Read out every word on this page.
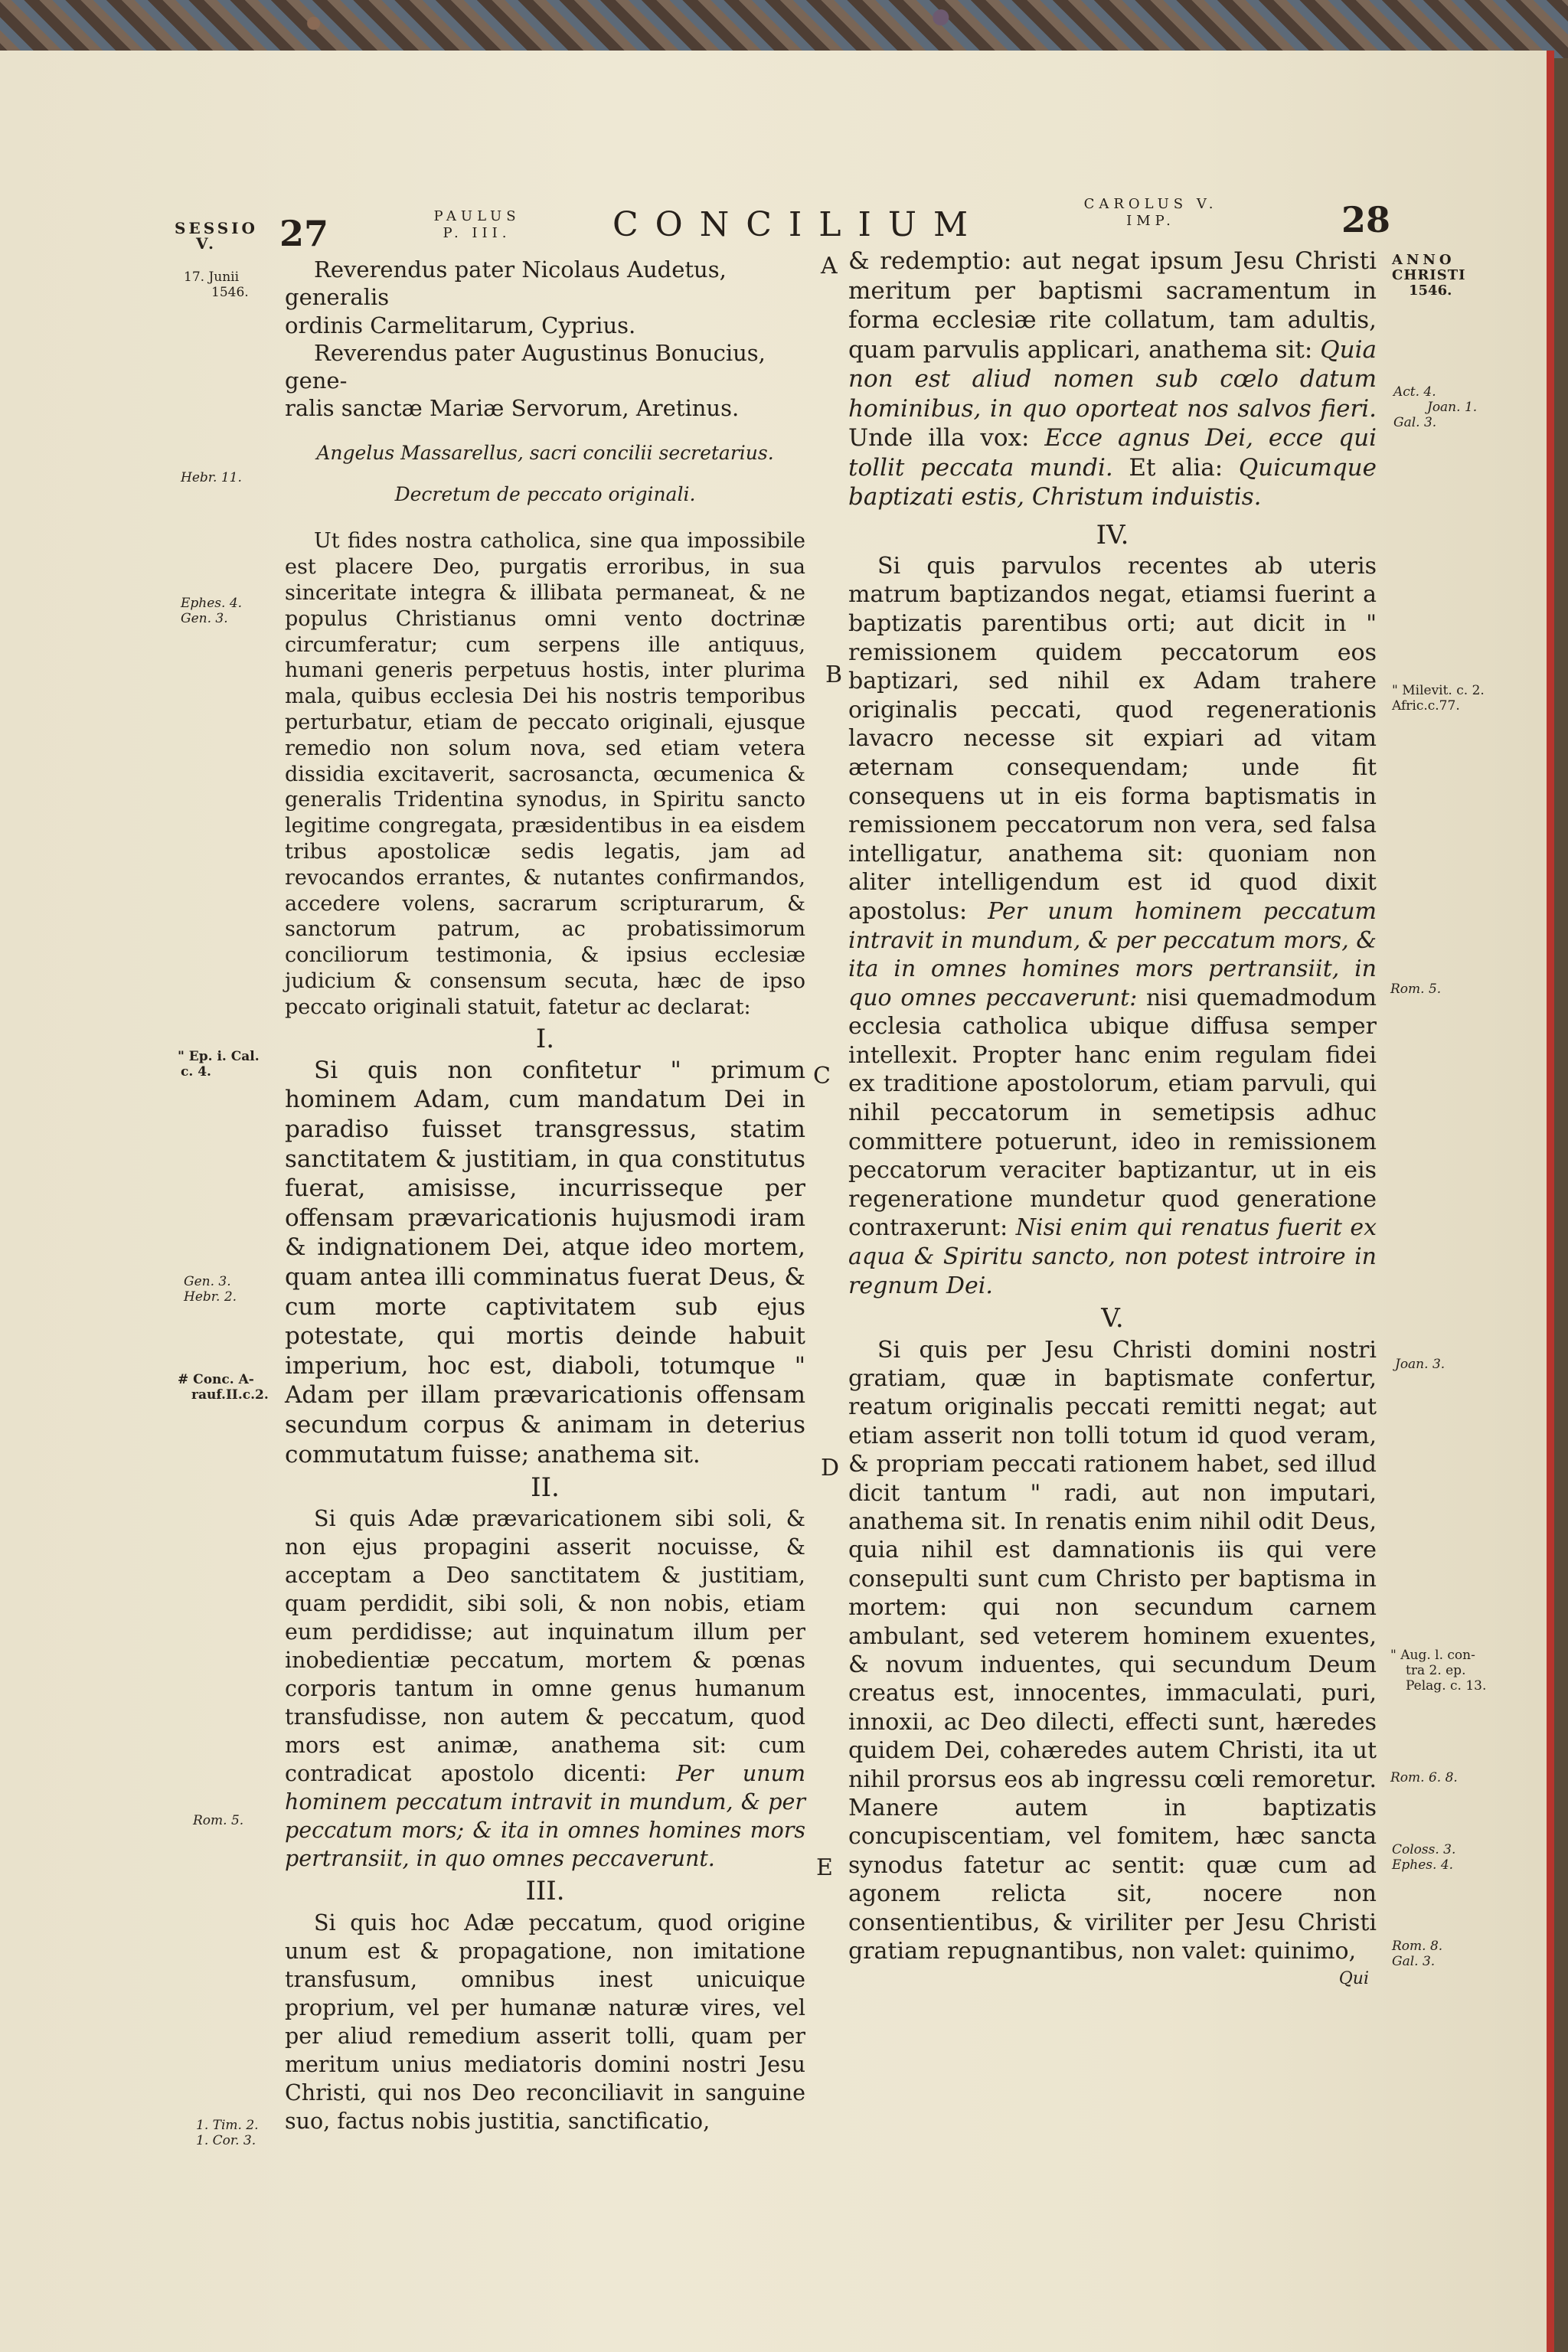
27	PAULUS
P. III.	CONCILIUM
CAROLUS V.
IMP.	28
SESSIO
V.
17. Junii
1546.
Hebr. 11.
Ephes. 4.
Gen. 3.
" Ep. i. Cal.
c. 4.
Gen. 3.
Hebr. 2.
# Conc. A-
rauf.II.c.2.
Rom. 5.
1. Tim. 2.
1. Cor. 3.
A
B
C
D
E

Reverendus pater Nicolaus Audetus, generalis

ordinis Carmelitarum, Cyprius.

Reverendus pater Augustinus Bonucius, gene-

ralis sanctæ Mariæ Servorum, Aretinus.

Angelus Massarellus, sacri concilii secretarius.

Decretum de peccato originali.

Ut fides nostra catholica, sine qua impossibile est placere Deo, purgatis erroribus, in sua sinceritate integra & illibata permaneat, & ne populus Christianus omni vento doctrinæ circumferatur; cum serpens ille antiquus, humani generis perpetuus hostis, inter plurima mala, quibus ecclesia Dei his nostris temporibus perturbatur, etiam de peccato originali, ejusque remedio non solum nova, sed etiam vetera dissidia excitaverit, sacrosancta, œcumenica & generalis Tridentina synodus, in Spiritu sancto legitime congregata, præsidentibus in ea eisdem tribus apostolicæ sedis legatis, jam ad revocandos errantes, & nutantes confirmandos, accedere volens, sacrarum scripturarum, & sanctorum patrum, ac probatissimorum conciliorum testimonia, & ipsius ecclesiæ judicium & consensum secuta, hæc de ipso peccato originali statuit, fatetur ac declarat:

I.

Si quis non confitetur " primum hominem Adam, cum mandatum Dei in paradiso fuisset transgressus, statim sanctitatem & justitiam, in qua constitutus fuerat, amisisse, incurrisseque per offensam prævaricationis hujusmodi iram & indignationem Dei, atque ideo mortem, quam antea illi comminatus fuerat Deus, & cum morte captivitatem sub ejus potestate, qui mortis deinde habuit imperium, hoc est, diaboli, totumque " Adam per illam prævaricationis offensam secundum corpus & animam in deterius commutatum fuisse; anathema sit.

II.

Si quis Adæ prævaricationem sibi soli, & non ejus propagini asserit nocuisse, & acceptam a Deo sanctitatem & justitiam, quam perdidit, sibi soli, & non nobis, etiam eum perdidisse; aut inquinatum illum per inobedientiæ peccatum, mortem & pœnas corporis tantum in omne genus humanum transfudisse, non autem & peccatum, quod mors est animæ, anathema sit: cum contradicat apostolo dicenti: Per unum hominem peccatum intravit in mundum, & per peccatum mors; & ita in omnes homines mors pertransiit, in quo omnes peccaverunt.

III.

Si quis hoc Adæ peccatum, quod origine unum est & propagatione, non imitatione transfusum, omnibus inest unicuique proprium, vel per humanæ naturæ vires, vel per aliud remedium asserit tolli, quam per meritum unius mediatoris domini nostri Jesu Christi, qui nos Deo reconciliavit in sanguine suo, factus nobis justitia, sanctificatio,

& redemptio: aut negat ipsum Jesu Christi meritum per baptismi sacramentum in forma ecclesiæ rite collatum, tam adultis, quam parvulis applicari, anathema sit: Quia non est aliud nomen sub cœlo datum hominibus, in quo oporteat nos salvos fieri. Unde illa vox: Ecce agnus Dei, ecce qui tollit peccata mundi. Et alia: Quicumque baptizati estis, Christum induistis.

IV.

Si quis parvulos recentes ab uteris matrum baptizandos negat, etiamsi fuerint a baptizatis parentibus orti; aut dicit in " remissionem quidem peccatorum eos baptizari, sed nihil ex Adam trahere originalis peccati, quod regenerationis lavacro necesse sit expiari ad vitam æternam consequendam; unde fit consequens ut in eis forma baptismatis in remissionem peccatorum non vera, sed falsa intelligatur, anathema sit: quoniam non aliter intelligendum est id quod dixit apostolus: Per unum hominem peccatum intravit in mundum, & per peccatum mors, & ita in omnes homines mors pertransiit, in quo omnes peccaverunt: nisi quemadmodum ecclesia catholica ubique diffusa semper intellexit. Propter hanc enim regulam fidei ex traditione apostolorum, etiam parvuli, qui nihil peccatorum in semetipsis adhuc committere potuerunt, ideo in remissionem peccatorum veraciter baptizantur, ut in eis regeneratione mundetur quod generatione contraxerunt: Nisi enim qui renatus fuerit ex aqua & Spiritu sancto, non potest introire in regnum Dei.

V.

Si quis per Jesu Christi domini nostri gratiam, quæ in baptismate confertur, reatum originalis peccati remitti negat; aut etiam asserit non tolli totum id quod veram, & propriam peccati rationem habet, sed illud dicit tantum " radi, aut non imputari, anathema sit. In renatis enim nihil odit Deus, quia nihil est damnationis iis qui vere consepulti sunt cum Christo per baptisma in mortem: qui non secundum carnem ambulant, sed veterem hominem exuentes, & novum induentes, qui secundum Deum creatus est, innocentes, immaculati, puri, innoxii, ac Deo dilecti, effecti sunt, hæredes quidem Dei, cohæredes autem Christi, ita ut nihil prorsus eos ab ingressu cœli remoretur. Manere autem in baptizatis concupiscentiam, vel fomitem, hæc sancta synodus fatetur ac sentit: quæ cum ad agonem relicta sit, nocere non consentientibus, & viriliter per Jesu Christi gratiam repugnantibus, non valet: quinimo,

Qui

ANNO
CHRISTI
1546.
Act. 4.
Joan. 1.
Gal. 3.
" Milevit. c. 2.
Afric.c.77.
Rom. 5.
Joan. 3.
" Aug. l. con-
tra 2. ep.
Pelag. c. 13.
Rom. 6. 8.
Coloss. 3.
Ephes. 4.
Rom. 8.
Gal. 3.
